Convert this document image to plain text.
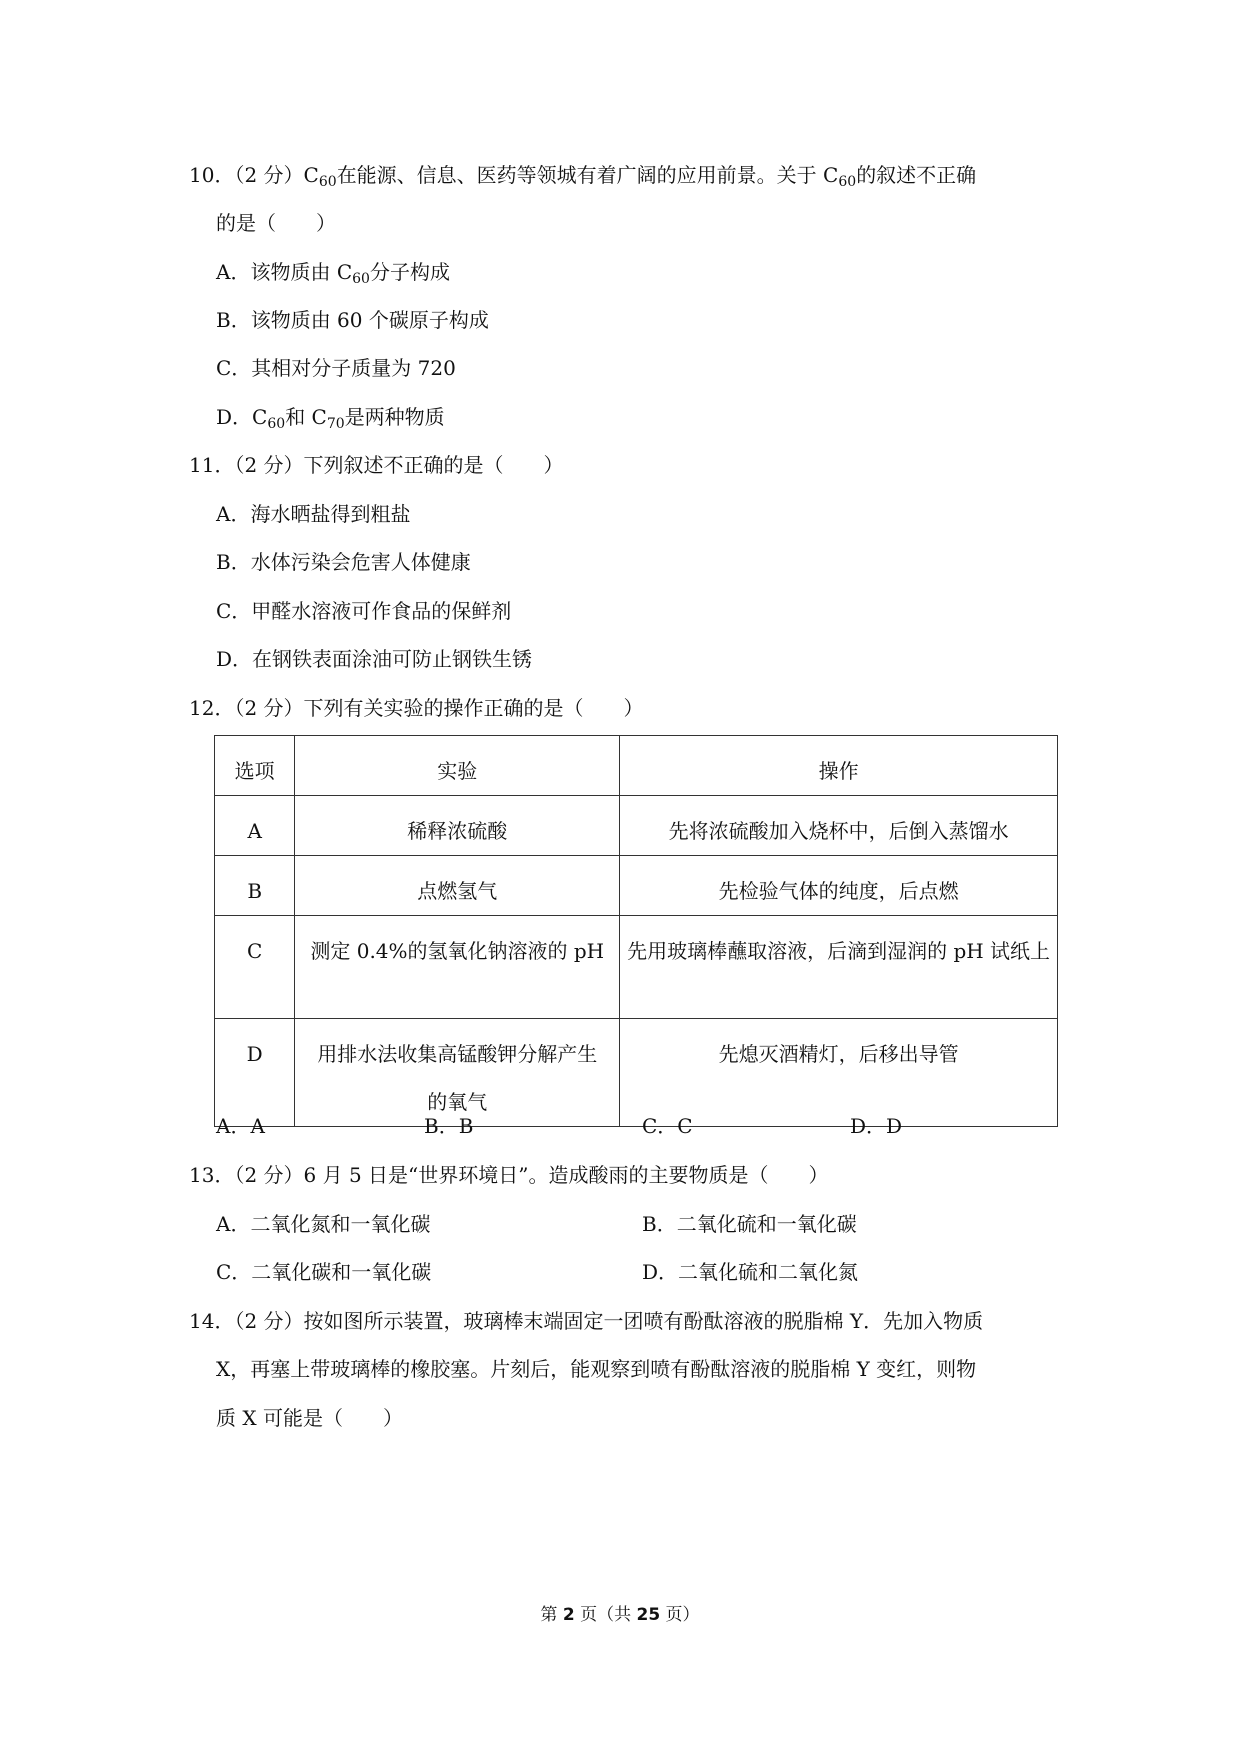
10．（2 分）$C_{60}$在能源、信息、医药等领城有着广阔的应用前景。关于 $C_{60}$的叙述不正确
的是（　　）
A．该物质由 $C_{60}$分子构成
B．该物质由 60 个碳原子构成
C．其相对分子质量为 720
D．$C_{60}$和 $C_{70}$是两种物质
11．（2 分）下列叙述不正确的是（　　）
A．海水晒盐得到粗盐
B．水体污染会危害人体健康
C．甲醛水溶液可作食品的保鲜剂
D．在钢铁表面涂油可防止钢铁生锈
12．（2 分）下列有关实验的操作正确的是（　　）
选项	实验	操作
A	稀释浓硫酸	先将浓硫酸加入烧杯中，后倒入蒸馏水
B	点燃氢气	先检验气体的纯度，后点燃
C	测定 0.4%的氢氧化钠溶液的 pH	先用玻璃棒蘸取溶液，后滴到湿润的 pH 试纸上
D	用排水法收集高锰酸钾分解产生的氧气	先熄灭酒精灯，后移出导管
A．A	B．B	C．C	D．D
13．（2 分）6 月 5 日是“世界环境日”。造成酸雨的主要物质是（　　）
A．二氧化氮和一氧化碳	B．二氧化硫和一氧化碳
C．二氧化碳和一氧化碳	D．二氧化硫和二氧化氮
14．（2 分）按如图所示装置，玻璃棒末端固定一团喷有酚酞溶液的脱脂棉 Y．先加入物质
X，再塞上带玻璃棒的橡胶塞。片刻后，能观察到喷有酚酞溶液的脱脂棉 Y 变红，则物
质 X 可能是（　　）
第 2 页（共 25 页）
